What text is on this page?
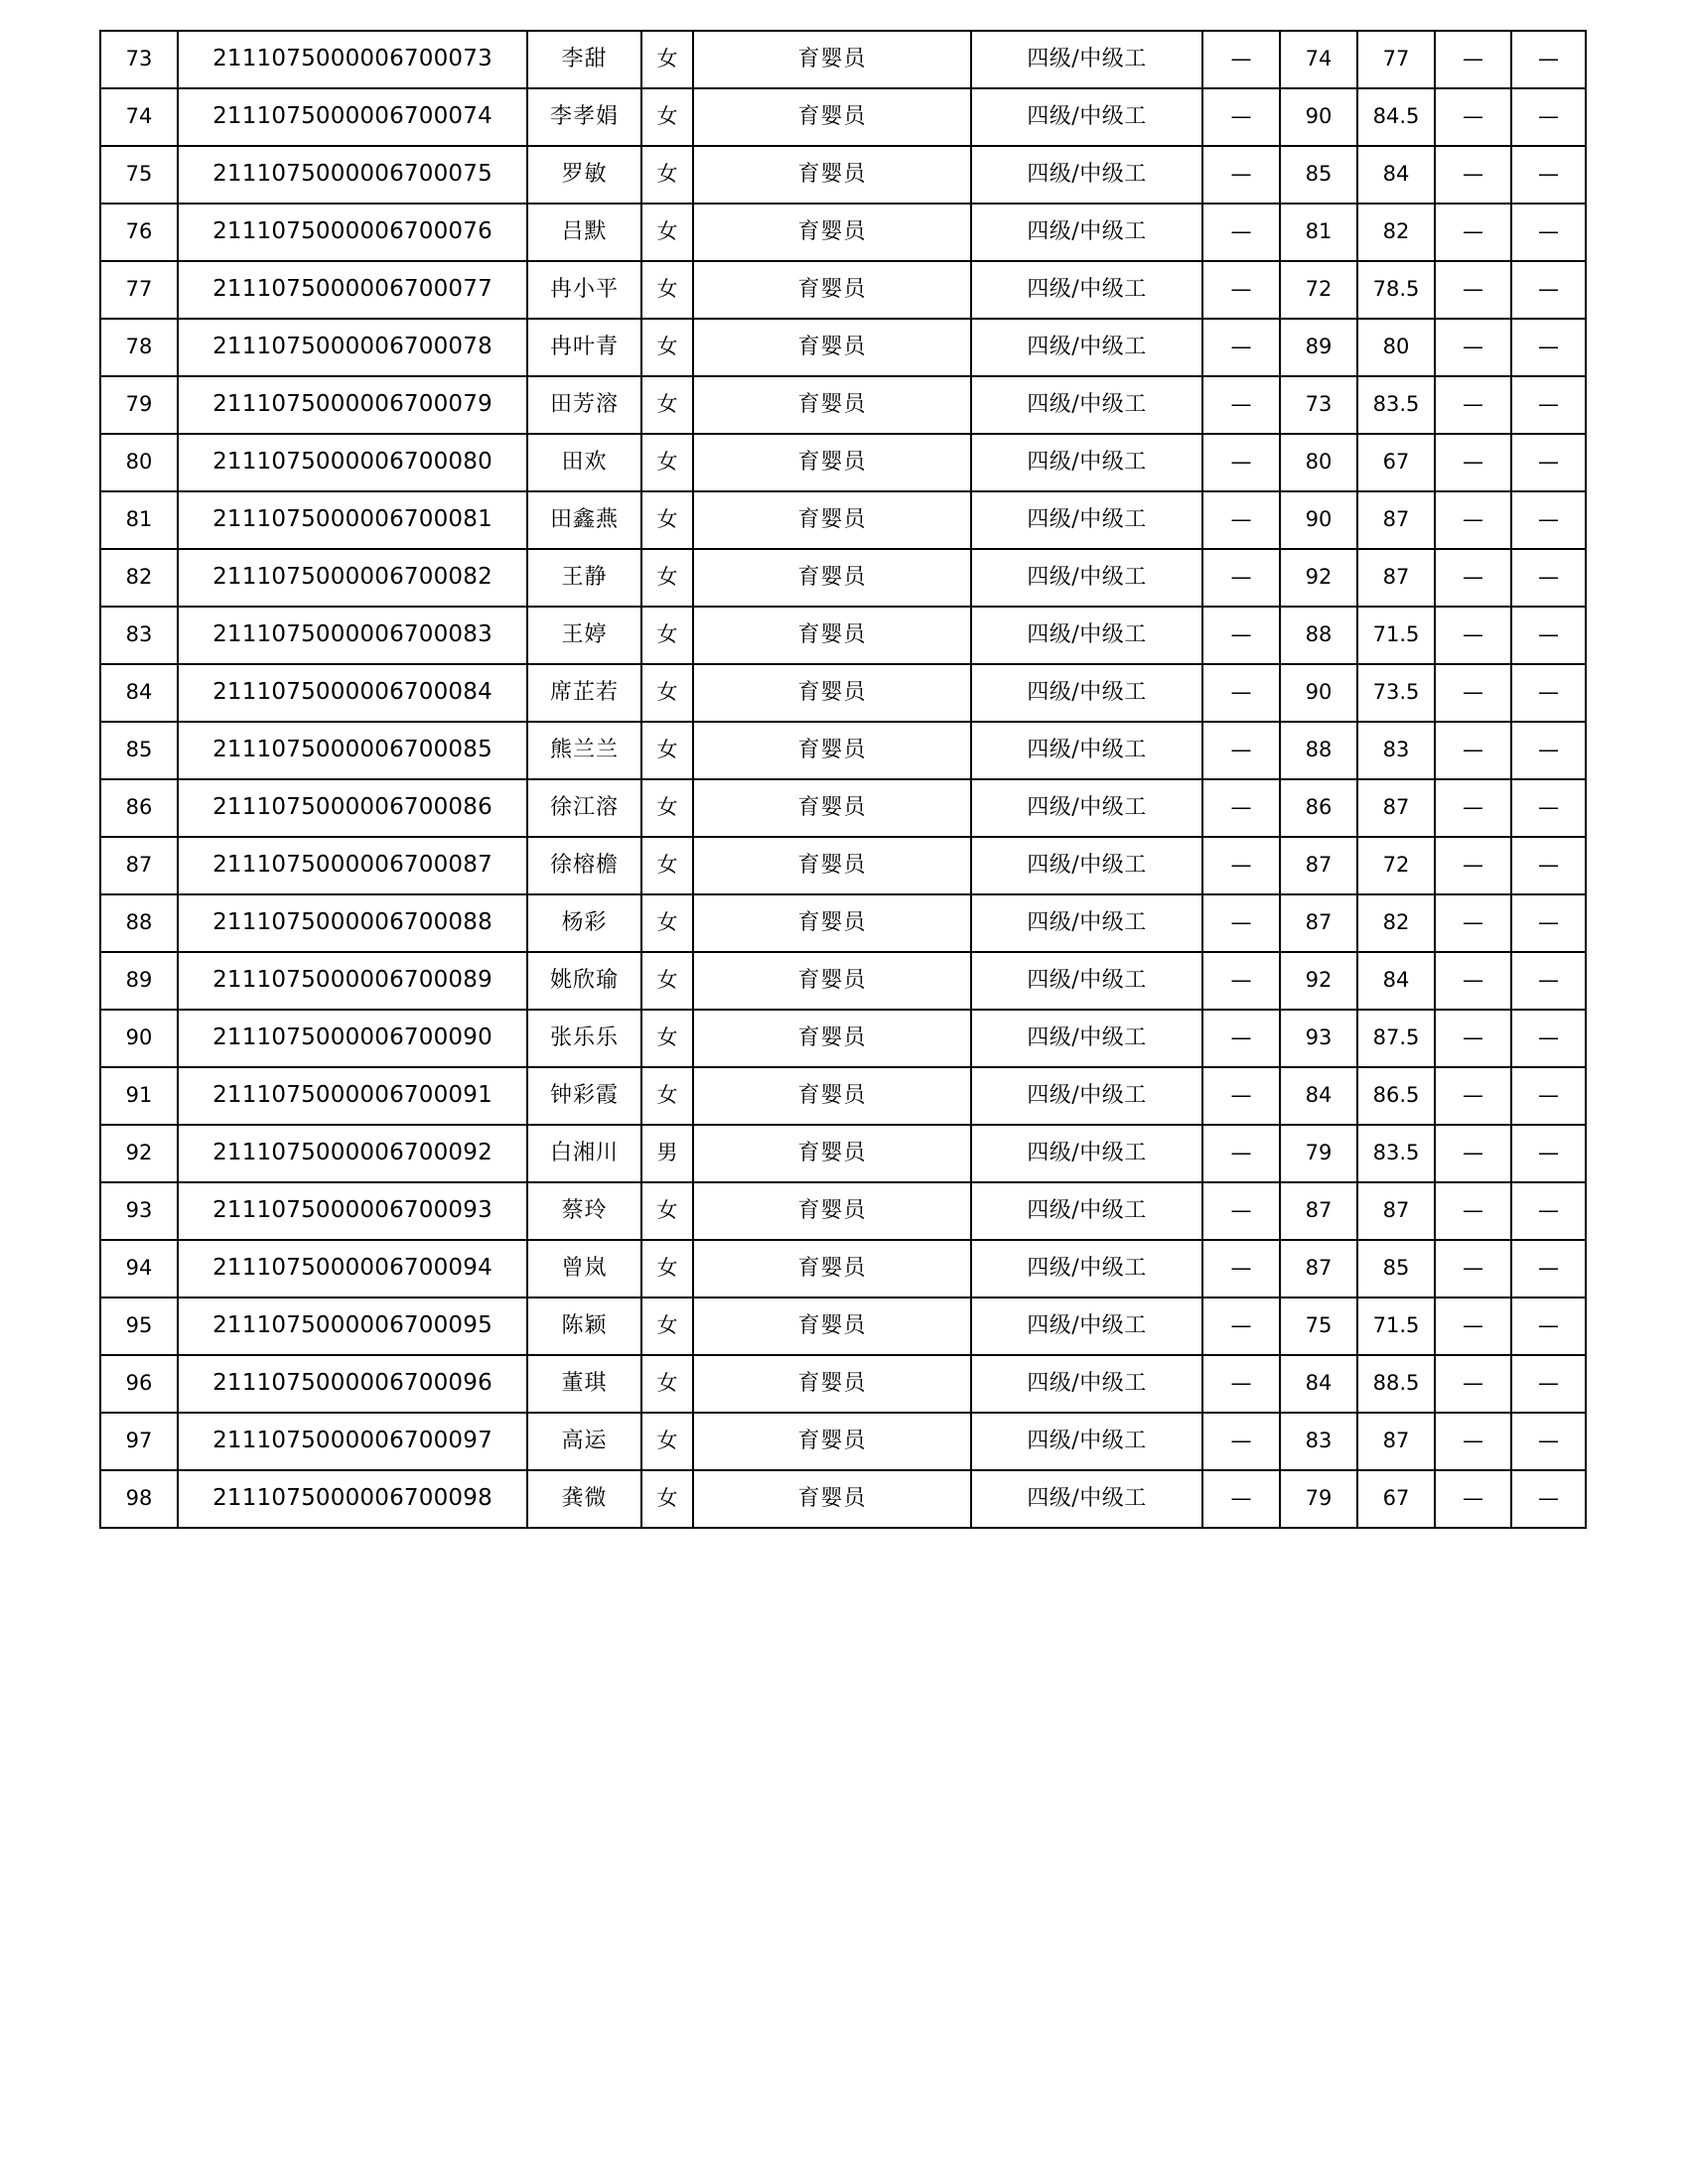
73	2111075000006700073	李甜	女	育婴员	四级/中级工	—	74	77	—	—
74	2111075000006700074	李孝娟	女	育婴员	四级/中级工	—	90	84.5	—	—
75	2111075000006700075	罗敏	女	育婴员	四级/中级工	—	85	84	—	—
76	2111075000006700076	吕默	女	育婴员	四级/中级工	—	81	82	—	—
77	2111075000006700077	冉小平	女	育婴员	四级/中级工	—	72	78.5	—	—
78	2111075000006700078	冉叶青	女	育婴员	四级/中级工	—	89	80	—	—
79	2111075000006700079	田芳溶	女	育婴员	四级/中级工	—	73	83.5	—	—
80	2111075000006700080	田欢	女	育婴员	四级/中级工	—	80	67	—	—
81	2111075000006700081	田鑫燕	女	育婴员	四级/中级工	—	90	87	—	—
82	2111075000006700082	王静	女	育婴员	四级/中级工	—	92	87	—	—
83	2111075000006700083	王婷	女	育婴员	四级/中级工	—	88	71.5	—	—
84	2111075000006700084	席芷若	女	育婴员	四级/中级工	—	90	73.5	—	—
85	2111075000006700085	熊兰兰	女	育婴员	四级/中级工	—	88	83	—	—
86	2111075000006700086	徐江溶	女	育婴员	四级/中级工	—	86	87	—	—
87	2111075000006700087	徐榕檐	女	育婴员	四级/中级工	—	87	72	—	—
88	2111075000006700088	杨彩	女	育婴员	四级/中级工	—	87	82	—	—
89	2111075000006700089	姚欣瑜	女	育婴员	四级/中级工	—	92	84	—	—
90	2111075000006700090	张乐乐	女	育婴员	四级/中级工	—	93	87.5	—	—
91	2111075000006700091	钟彩霞	女	育婴员	四级/中级工	—	84	86.5	—	—
92	2111075000006700092	白湘川	男	育婴员	四级/中级工	—	79	83.5	—	—
93	2111075000006700093	蔡玲	女	育婴员	四级/中级工	—	87	87	—	—
94	2111075000006700094	曾岚	女	育婴员	四级/中级工	—	87	85	—	—
95	2111075000006700095	陈颖	女	育婴员	四级/中级工	—	75	71.5	—	—
96	2111075000006700096	董琪	女	育婴员	四级/中级工	—	84	88.5	—	—
97	2111075000006700097	高运	女	育婴员	四级/中级工	—	83	87	—	—
98	2111075000006700098	龚微	女	育婴员	四级/中级工	—	79	67	—	—
